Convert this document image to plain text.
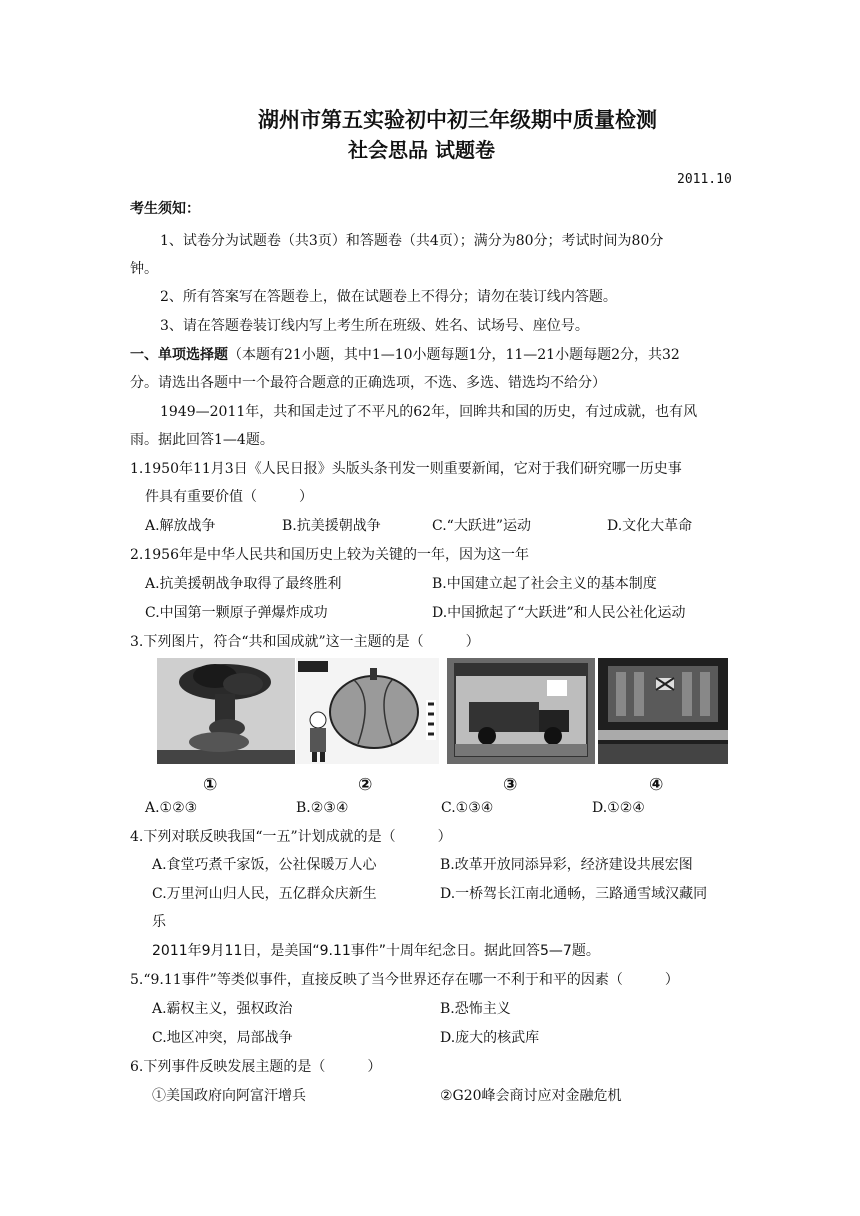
湖州市第五实验初中初三年级期中质量检测
社会思品 试题卷
2011.10
考生须知：
1、试卷分为试题卷（共3页）和答题卷（共4页）；满分为80分；考试时间为80分
钟。
2、所有答案写在答题卷上，做在试题卷上不得分；请勿在装订线内答题。
3、请在答题卷装订线内写上考生所在班级、姓名、试场号、座位号。
一、单项选择题（本题有21小题，其中1—10小题每题1分，11—21小题每题2分，共32
分。请选出各题中一个最符合题意的正确选项，不选、多选、错选均不给分）
1949—2011年，共和国走过了不平凡的62年，回眸共和国的历史，有过成就，也有风
雨。据此回答1—4题。
1.1950年11月3日《人民日报》头版头条刊发一则重要新闻，它对于我们研究哪一历史事
件具有重要价值（　　　）
A.解放战争	B.抗美援朝战争	C.“大跃进”运动	D.文化大革命
2.1956年是中华人民共和国历史上较为关键的一年，因为这一年
A.抗美援朝战争取得了最终胜利	B.中国建立起了社会主义的基本制度
C.中国第一颗原子弹爆炸成功	D.中国掀起了“大跃进”和人民公社化运动
3.下列图片，符合“共和国成就”这一主题的是（　　　）
①	②	③	④
A.①②③	B.②③④	C.①③④	D.①②④
4.下列对联反映我国“一五”计划成就的是（　　　）
A.食堂巧煮千家饭，公社保暖万人心	B.改革开放同添异彩，经济建设共展宏图
C.万里河山归人民，五亿群众庆新生	D.一桥驾长江南北通畅，三路通雪域汉藏同
乐
2011年9月11日，是美国“9.11事件”十周年纪念日。据此回答5—7题。
5.“9.11事件”等类似事件，直接反映了当今世界还存在哪一不利于和平的因素（　　　）
A.霸权主义，强权政治	B.恐怖主义
C.地区冲突，局部战争	D.庞大的核武库
6.下列事件反映发展主题的是（　　　）
①美国政府向阿富汗增兵	②G20峰会商讨应对金融危机
